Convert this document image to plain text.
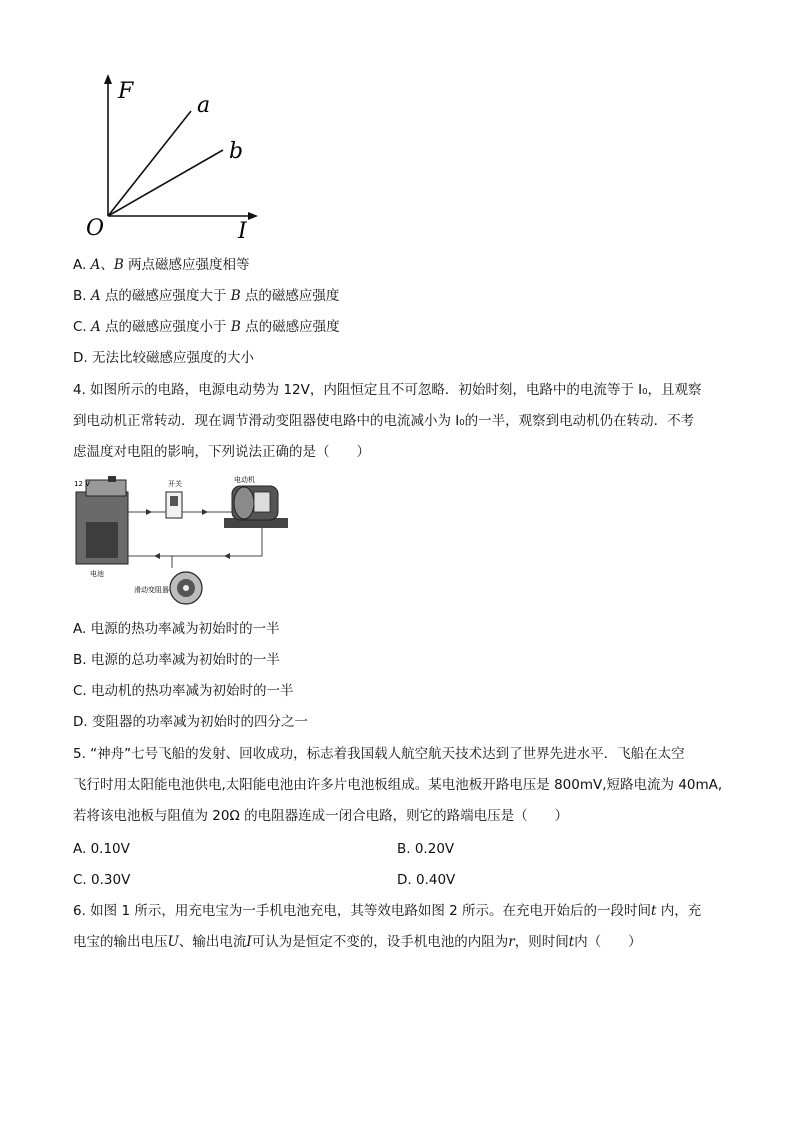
F
I
O
a
b
A. A、B 两点磁感应强度相等
B. A 点的磁感应强度大于 B 点的磁感应强度
C. A 点的磁感应强度小于 B 点的磁感应强度
D. 无法比较磁感应强度的大小
4. 如图所示的电路，电源电动势为 12V，内阻恒定且不可忽略．初始时刻，电路中的电流等于 I₀，且观察
到电动机正常转动．现在调节滑动变阻器使电路中的电流减小为 I₀的一半，观察到电动机仍在转动．不考
虑温度对电阻的影响，下列说法正确的是（　　）
12 V
电池
开关	电动机
滑动变阻器
A. 电源的热功率减为初始时的一半
B. 电源的总功率减为初始时的一半
C. 电动机的热功率减为初始时的一半
D. 变阻器的功率减为初始时的四分之一
5. “神舟”七号飞船的发射、回收成功，标志着我国载人航空航天技术达到了世界先进水平．飞船在太空
飞行时用太阳能电池供电,太阳能电池由许多片电池板组成。某电池板开路电压是 800mV,短路电流为 40mA,
若将该电池板与阻值为 20Ω 的电阻器连成一闭合电路，则它的路端电压是（　　）
A. 0.10V	B. 0.20V
C. 0.30V	D. 0.40V
6. 如图 1 所示，用充电宝为一手机电池充电，其等效电路如图 2 所示。在充电开始后的一段时间t 内，充
电宝的输出电压U、输出电流I可认为是恒定不变的，设手机电池的内阻为r，则时间t内（　　）
